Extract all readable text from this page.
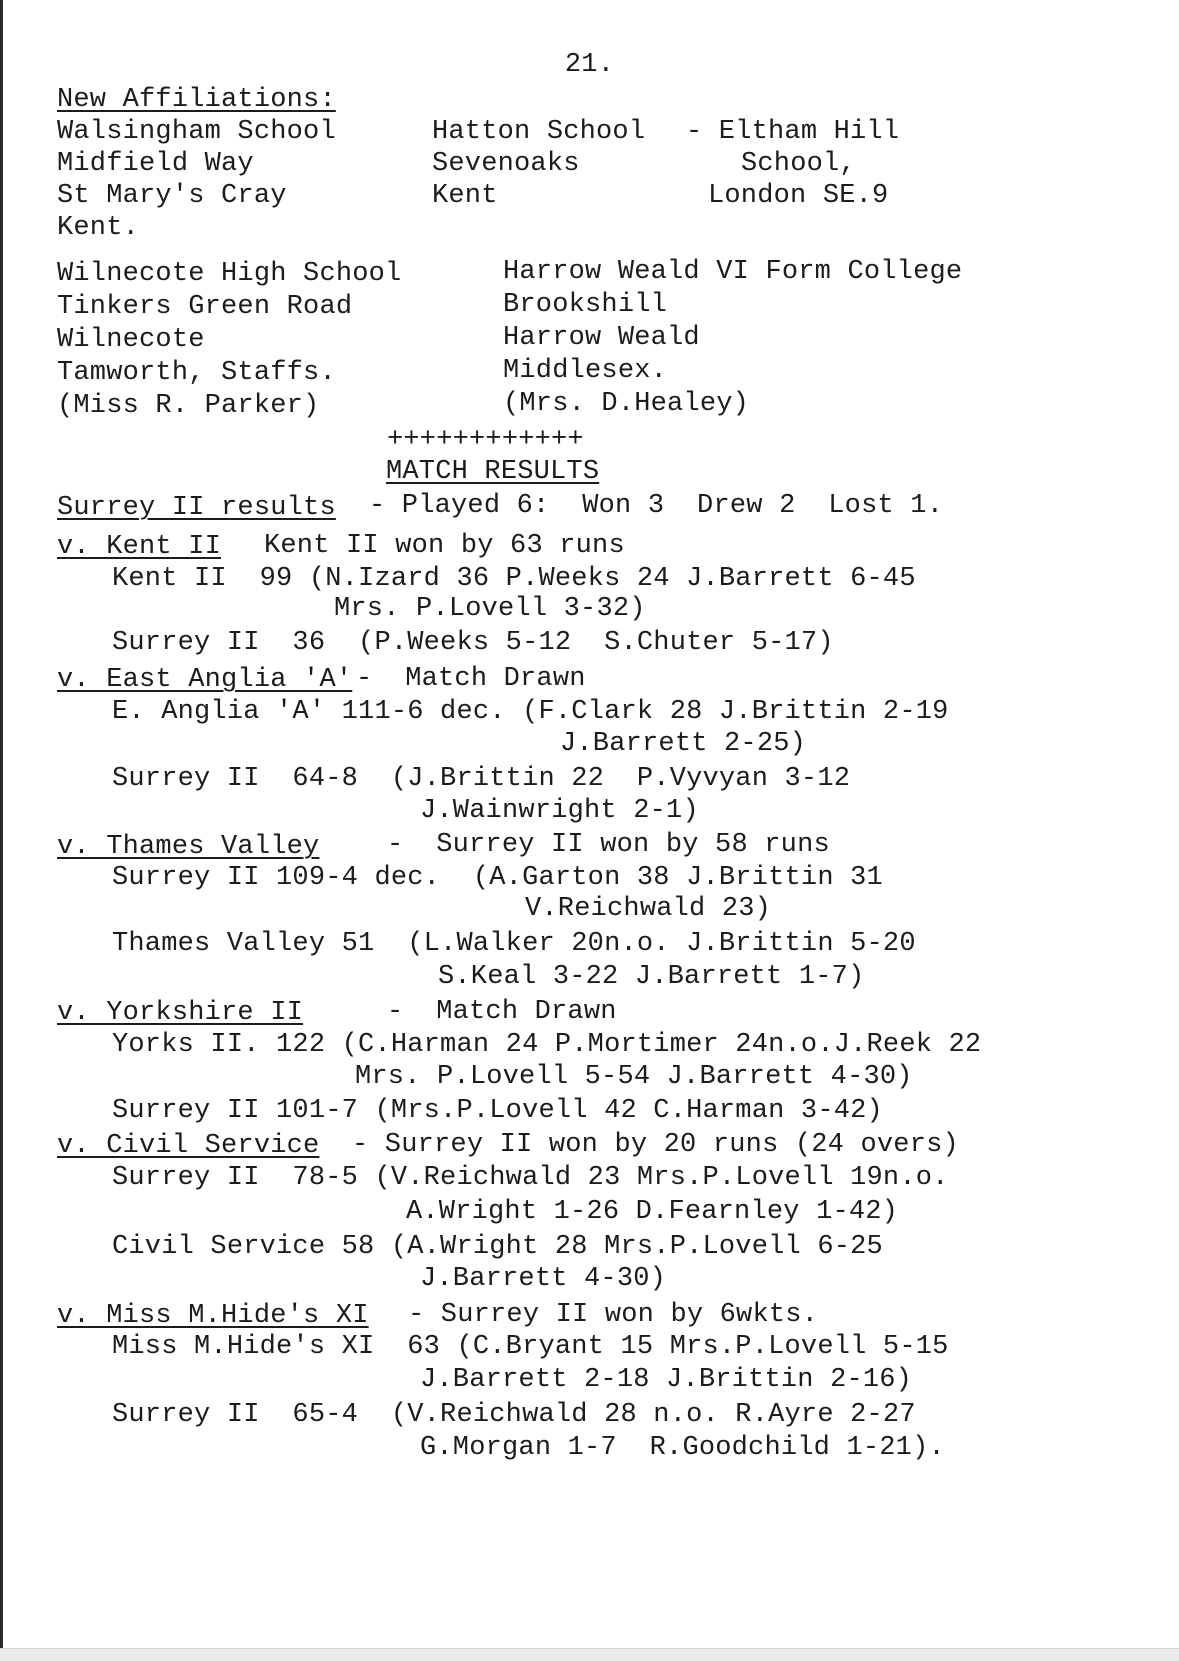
21.
New Affiliations:
Walsingham School
Midfield Way
St Mary's Cray
Kent.
Hatton School
Sevenoaks
Kent
- Eltham Hill
School,
London SE.9
Wilnecote High School
Tinkers Green Road
Wilnecote
Tamworth, Staffs.
(Miss R. Parker)
Harrow Weald VI Form College
Brookshill
Harrow Weald
Middlesex.
(Mrs. D.Healey)
++++++++++++
MATCH RESULTS
Surrey II results - Played 6:  Won 3  Drew 2  Lost 1.
v. Kent II Kent II won by 63 runs
Kent II  99 (N.Izard 36 P.Weeks 24 J.Barrett 6-45
Mrs. P.Lovell 3-32)
Surrey II  36  (P.Weeks 5-12  S.Chuter 5-17)
v. East Anglia 'A' -  Match Drawn
E. Anglia 'A' 111-6 dec. (F.Clark 28 J.Brittin 2-19
J.Barrett 2-25)
Surrey II  64-8  (J.Brittin 22  P.Vyvyan 3-12
J.Wainwright 2-1)
v. Thames Valley	-  Surrey II won by 58 runs
Surrey II 109-4 dec.  (A.Garton 38 J.Brittin 31
V.Reichwald 23)
Thames Valley 51  (L.Walker 20n.o. J.Brittin 5-20
S.Keal 3-22 J.Barrett 1-7)
v. Yorkshire II	-  Match Drawn
Yorks II. 122 (C.Harman 24 P.Mortimer 24n.o.J.Reek 22
Mrs. P.Lovell 5-54 J.Barrett 4-30)
Surrey II 101-7 (Mrs.P.Lovell 42 C.Harman 3-42)
v. Civil Service - Surrey II won by 20 runs (24 overs)
Surrey II  78-5 (V.Reichwald 23 Mrs.P.Lovell 19n.o.
A.Wright 1-26 D.Fearnley 1-42)
Civil Service 58 (A.Wright 28 Mrs.P.Lovell 6-25
J.Barrett 4-30)
v. Miss M.Hide's XI - Surrey II won by 6wkts.
Miss M.Hide's XI  63 (C.Bryant 15 Mrs.P.Lovell 5-15
J.Barrett 2-18 J.Brittin 2-16)
Surrey II  65-4  (V.Reichwald 28 n.o. R.Ayre 2-27
G.Morgan 1-7  R.Goodchild 1-21).
